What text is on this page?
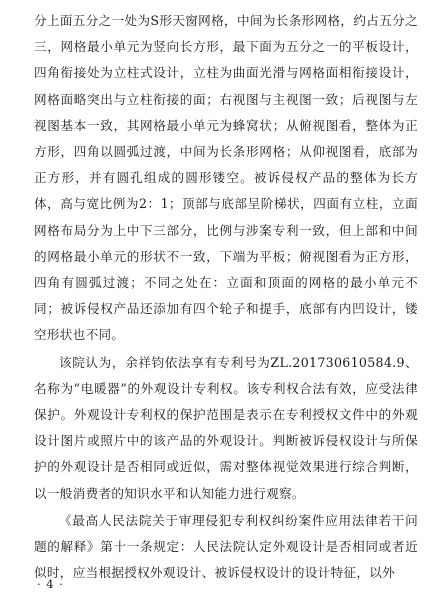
分上面五分之一处为S形天窗网格，中间为长条形网格，约占五分之三，网格最小单元为竖向长方形，最下面为五分之一的平板设计，四角衔接处为立柱式设计，立柱为曲面光滑与网格面相衔接设计，网格面略突出与立柱衔接的面；右视图与主视图一致；后视图与左视图基本一致，其网格最小单元为蜂窝状；从俯视图看，整体为正方形，四角以圆弧过渡，中间为长条形网格；从仰视图看，底部为正方形，并有圆孔组成的圆形镂空。被诉侵权产品的整体为长方体，高与宽比例为2：1；顶部与底部呈阶梯状，四面有立柱，立面网格布局分为上中下三部分，比例与涉案专利一致，但上部和中间的网格最小单元的形状不一致，下端为平板；俯视图看为正方形，四角有圆弧过渡；不同之处在：立面和顶面的网格的最小单元不同；被诉侵权产品还添加有四个轮子和提手，底部有内凹设计，镂空形状也不同。

该院认为，余祥钧依法享有专利号为ZL.201730610584.9、名称为“电暖器”的外观设计专利权。该专利权合法有效，应受法律保护。外观设计专利权的保护范围是表示在专利授权文件中的外观设计图片或照片中的该产品的外观设计。判断被诉侵权设计与所保护的外观设计是否相同或近似，需对整体视觉效果进行综合判断，以一般消费者的知识水平和认知能力进行观察。

《最高人民法院关于审理侵犯专利权纠纷案件应用法律若干问题的解释》第十一条规定：人民法院认定外观设计是否相同或者近似时，应当根据授权外观设计、被诉侵权设计的设计特征，以外

· 4 ·
